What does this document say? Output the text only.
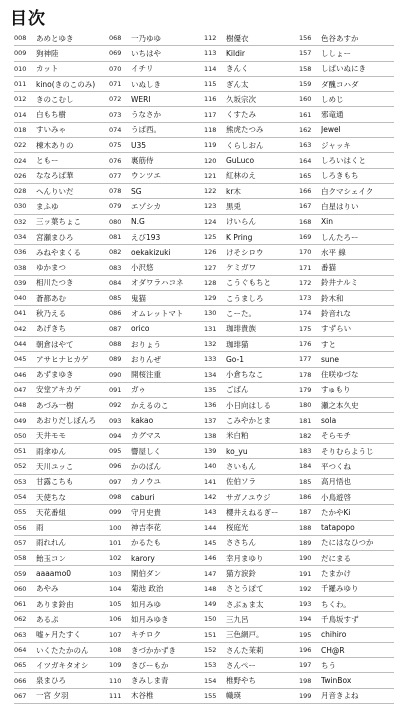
目次
008	あめとゆき
009	狗神陸
010	カット
011	kino(きのこのみ)
012	きのこむし
014	白もち樹
018	すいみゃ
022	棟木ありの
024	ともー
026	ななろば華
028	へんりいだ
030	まふゆ
032	三ッ葉ちょこ
034	宮瀬まひろ
036	みねやまくる
038	ゆかまつ
039	相川たつき
040	蒼都あむ
041	秋乃える
042	あげきち
044	朝倉はやて
045	アサヒナヒカゲ
046	あずまゆき
047	安堂アキカゲ
048	あづみ一樹
049	あおりだしぼんろ
050	天井モモ
051	雨傘ゆん
052	天川ユッこ
053	甘露こちも
054	天使ちな
055	天花番組
056	雨
057	雨れれん
058	飴玉コン
059	aaaamo0
060	あやみ
061	ありま鈴由
062	あるぷ
063	嘘ヶ月たすく
064	いくたたかのん
065	イツガキタオシ
066	泉まひろ
067	一宮 夕羽
068	一乃ゆゆ
069	いちはや
070	イチリ
071	いぬしき
072	WERI
073	うなさか
074	うぱ西。
075	U35
076	裏筋侍
077	ウンツエ
078	SG
079	エゾシカ
080	N.G
081	えび193
082	oekakizuki
083	小沢悠
084	オダワラハコネ
085	鬼猫
086	オムレットマト
087	orico
088	おりょう
089	おりんぜ
090	開桜注重
091	ガゥ
092	かえるのこ
093	kakao
094	カグマス
095	響屋しく
096	かのばん
097	カノウユ
098	caburi
099	守月史貴
100	神吉李花
101	かるたも
102	karory
103	閑伯ダン
104	菊池 政治
105	如月みゆ
106	如月みゆき
107	キチロク
108	きづかかずき
109	きびーもか
110	きみしま青
111	木谷椎
112	樹優衣
113	Kildir
114	きんく
115	ぎん太
116	久坂宗次
117	くすたみ
118	熊虎たつみ
119	くらしおん
120	GuLuco
121	紅林のえ
122	kr木
123	黒兎
124	けいらん
125	K Pring
126	けそシロウ
127	ケミガワ
128	こうぐもちと
129	こうましろ
130	こーた。
131	珈琲貴族
132	珈琲猫
133	Go-1
134	小倉ちなこ
135	ごばん
136	小日向はしる
137	こみやかとま
138	米白粕
139	ko_yu
140	さいもん
141	佐伯ソラ
142	サガノユウジ
143	櫻井えねるぎー
144	桜庭光
145	ささちん
146	幸月まゆり
147	猫方涙鈴
148	さとうぽて
149	さぶぁま太
150	三九呂
151	三色網戸。
152	さんた茉莉
153	さんぺー
154	椎野やち
155	幟瑛
156	色谷あすか
157	ししょー
158	しぱいぬにき
159	ダ醜コハダ
160	しめじ
161	邪竜通
162	Jewel
163	ジャッキ
164	しろいはくと
165	しろきもち
166	白クマシェイク
167	白星はりい
168	Xin
169	しんたろー
170	水平 線
171	番猫
172	鈴井ナルミ
173	鈴木和
174	鈴音れな
175	すずらい
176	すと
177	sune
178	住咲ゆづな
179	すゅもり
180	瀬之本久史
181	sola
182	そらモチ
183	そりむらようじ
184	平つくね
185	高月悟也
186	小鳥遊啓
187	たかやKi
188	tatapopo
189	たにはなひつか
190	だにまる
191	たまかけ
192	千羅みゆり
193	ちくわ。
194	千鳥坂すず
195	chihiro
196	CH@R
197	ちう
198	TwinBox
199	月音きよね
